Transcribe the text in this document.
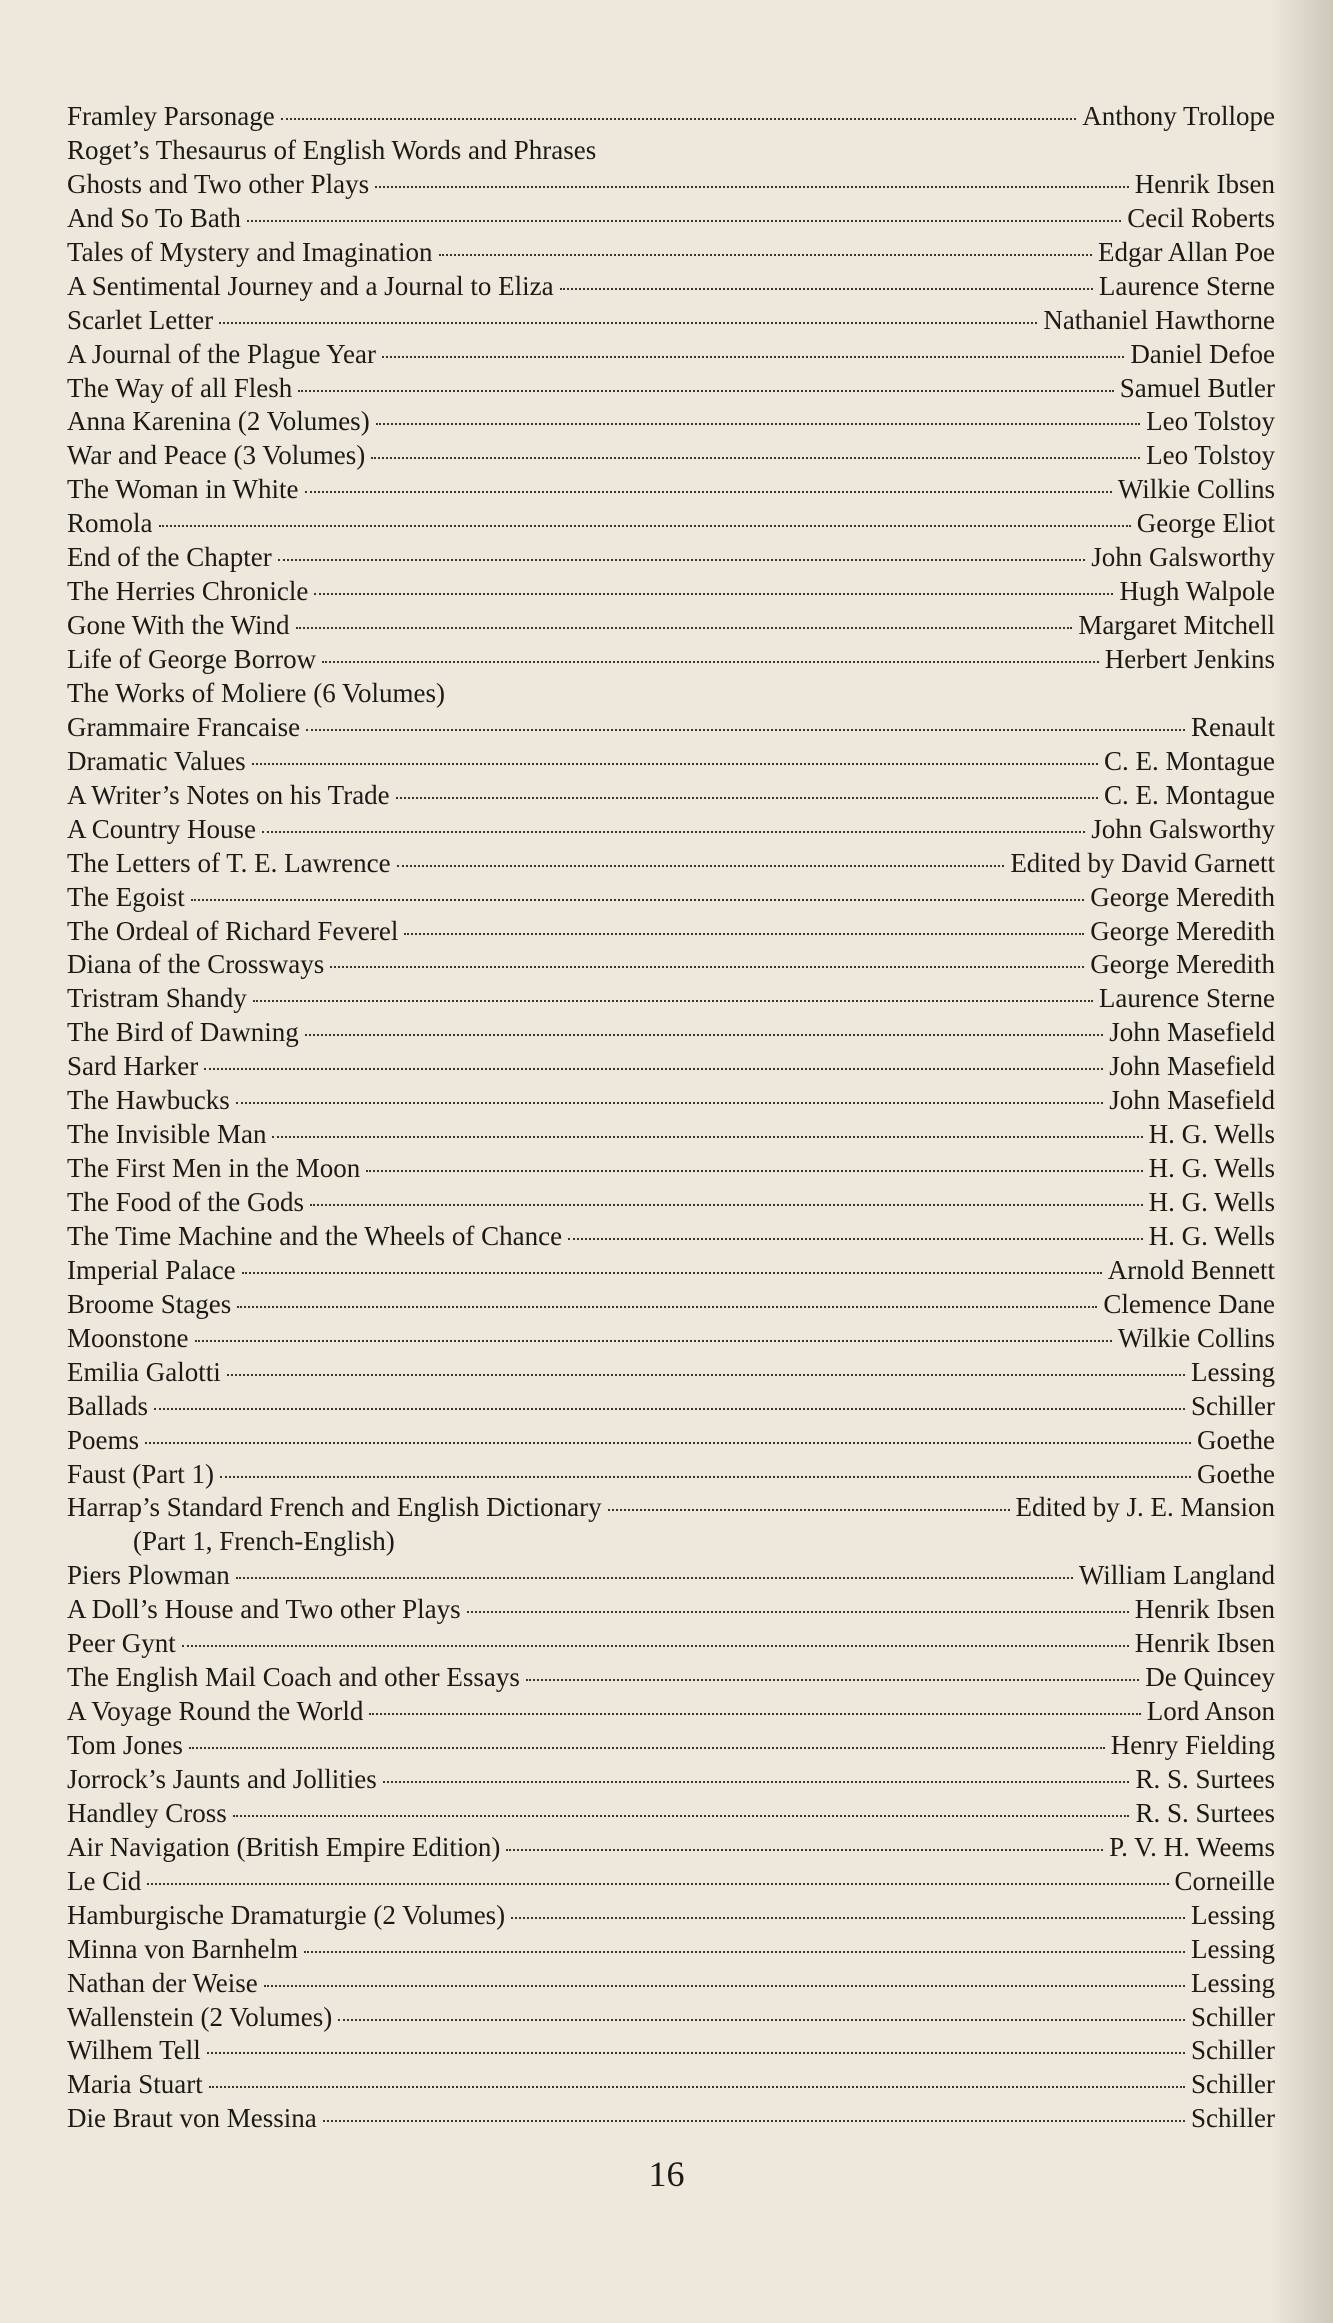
Framley Parsonage	Anthony Trollope
Roget’s Thesaurus of English Words and Phrases
Ghosts and Two other Plays	Henrik Ibsen
And So To Bath	Cecil Roberts
Tales of Mystery and Imagination	Edgar Allan Poe
A Sentimental Journey and a Journal to Eliza	Laurence Sterne
Scarlet Letter	Nathaniel Hawthorne
A Journal of the Plague Year	Daniel Defoe
The Way of all Flesh	Samuel Butler
Anna Karenina (2 Volumes)	Leo Tolstoy
War and Peace (3 Volumes)	Leo Tolstoy
The Woman in White	Wilkie Collins
Romola	George Eliot
End of the Chapter	John Galsworthy
The Herries Chronicle	Hugh Walpole
Gone With the Wind	Margaret Mitchell
Life of George Borrow	Herbert Jenkins
The Works of Moliere (6 Volumes)
Grammaire Francaise	Renault
Dramatic Values	C. E. Montague
A Writer’s Notes on his Trade	C. E. Montague
A Country House	John Galsworthy
The Letters of T. E. Lawrence	Edited by David Garnett
The Egoist	George Meredith
The Ordeal of Richard Feverel	George Meredith
Diana of the Crossways	George Meredith
Tristram Shandy	Laurence Sterne
The Bird of Dawning	John Masefield
Sard Harker	John Masefield
The Hawbucks	John Masefield
The Invisible Man	H. G. Wells
The First Men in the Moon	H. G. Wells
The Food of the Gods	H. G. Wells
The Time Machine and the Wheels of Chance	H. G. Wells
Imperial Palace	Arnold Bennett
Broome Stages	Clemence Dane
Moonstone	Wilkie Collins
Emilia Galotti	Lessing
Ballads	Schiller
Poems	Goethe
Faust (Part 1)	Goethe
Harrap’s Standard French and English Dictionary	Edited by J. E. Mansion
(Part 1, French-English)
Piers Plowman	William Langland
A Doll’s House and Two other Plays	Henrik Ibsen
Peer Gynt	Henrik Ibsen
The English Mail Coach and other Essays	De Quincey
A Voyage Round the World	Lord Anson
Tom Jones	Henry Fielding
Jorrock’s Jaunts and Jollities	R. S. Surtees
Handley Cross	R. S. Surtees
Air Navigation (British Empire Edition)	P. V. H. Weems
Le Cid	Corneille
Hamburgische Dramaturgie (2 Volumes)	Lessing
Minna von Barnhelm	Lessing
Nathan der Weise	Lessing
Wallenstein (2 Volumes)	Schiller
Wilhem Tell	Schiller
Maria Stuart	Schiller
Die Braut von Messina	Schiller
16
